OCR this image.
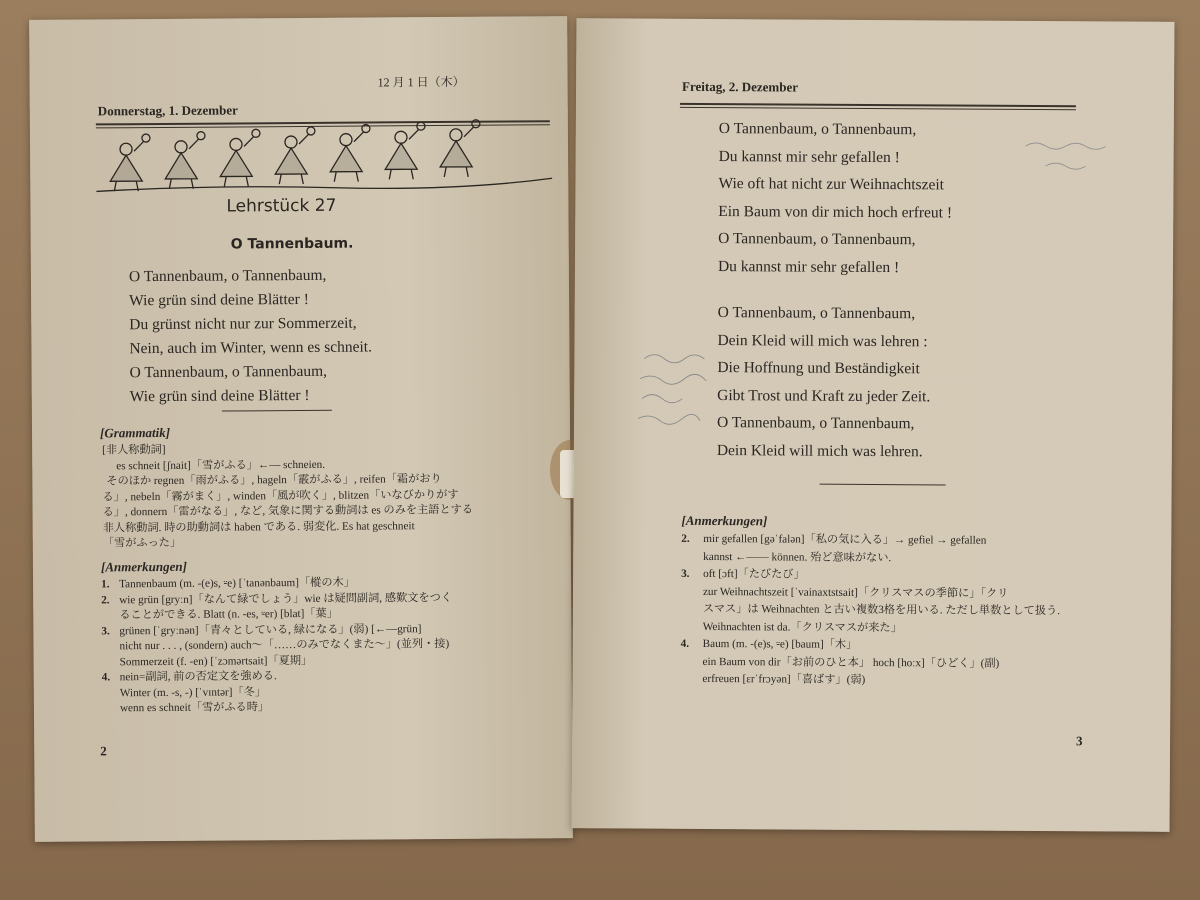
12 月 1 日（木）
Donnerstag, 1. Dezember
Lehrstück 27
O Tannenbaum.
O Tannenbaum, o Tannenbaum,
Wie grün sind deine Blätter !
Du grünst nicht nur zur Sommerzeit,
Nein, auch im Winter, wenn es schneit.
O Tannenbaum, o Tannenbaum,
Wie grün sind deine Blätter !
[Grammatik]
[非人称動詞]
es schneit [ʃnait]「雪がふる」←― schneien.
そのほか regnen「雨がふる」, hageln「霰がふる」, reifen「霜がおり
る」, nebeln「霧がまく」, winden「風が吹く」, blitzen「いなびかりがす
る」, donnern「雷がなる」, など, 気象に関する動詞は es のみを主語とする
非人称動詞. 時の助動詞は haben である. 弱変化. Es hat geschneit
「雪がふった」
[Anmerkungen]
1. Tannenbaum (m. -(e)s, ⸚e) [ˈtanənbaum]「樅の木」
2. wie grün [gryːn]「なんて緑でしょう」wie は疑問副詞, 感歎文をつく
ることができる. Blatt (n. -es, ⸚er) [blat]「葉」
3. grünen [ˈgryːnən]「青々としている, 緑になる」(弱) [←―grün]
nicht nur . . . , (sondern) auch～「……のみでなくまた～」(並列・接)
Sommerzeit (f. -en) [ˈzɔmərtsait]「夏期」
4. nein=副詞, 前の否定文を強める.
Winter (m. -s, -) [ˈvɪntər]「冬」
wenn es schneit「雪がふる時」
2
Freitag, 2. Dezember
O Tannenbaum, o Tannenbaum,
Du kannst mir sehr gefallen !
Wie oft hat nicht zur Weihnachtszeit
Ein Baum von dir mich hoch erfreut !
O Tannenbaum, o Tannenbaum,
Du kannst mir sehr gefallen !
O Tannenbaum, o Tannenbaum,
Dein Kleid will mich was lehren :
Die Hoffnung und Beständigkeit
Gibt Trost und Kraft zu jeder Zeit.
O Tannenbaum, o Tannenbaum,
Dein Kleid will mich was lehren.
[Anmerkungen]
2. mir gefallen [gəˈfalən]「私の気に入る」→ gefiel → gefallen
kannst ←―― können. 殆ど意味がない.
3. oft [ɔft]「たびたび」
zur Weihnachtszeit [ˈvainaxtstsait]「クリスマスの季節に」「クリ
スマス」は Weihnachten と古い複数3格を用いる. ただし単数として扱う.
Weihnachten ist da.「クリスマスが来た」
4. Baum (m. -(e)s, ⸚e) [baum]「木」
ein Baum von dir「お前のひと本」 hoch [hoːx]「ひどく」(副)
erfreuen [ɛrˈfrɔyən]「喜ばす」(弱)
3
